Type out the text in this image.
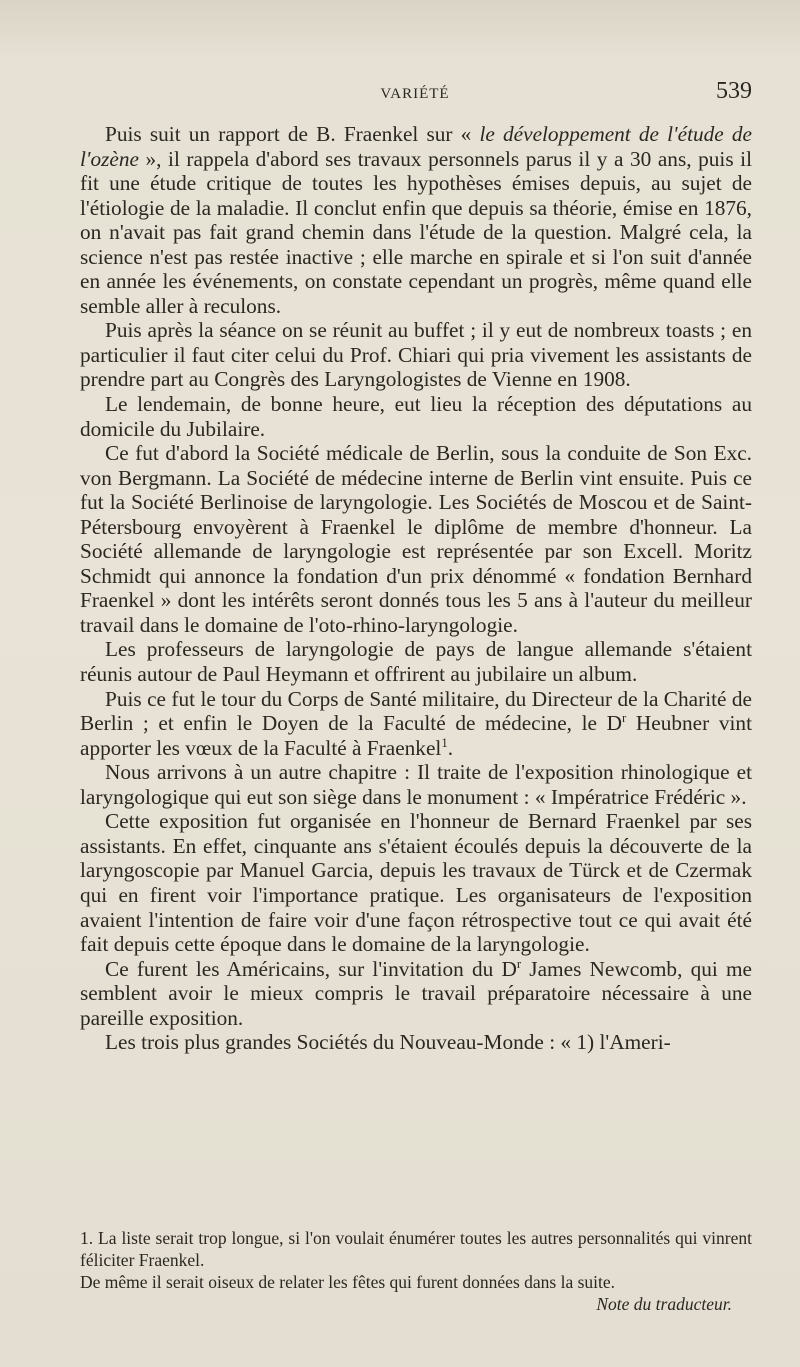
VARIÉTÉ	539

Puis suit un rapport de B. Fraenkel sur « le développement de l'étude de l'ozène », il rappela d'abord ses travaux personnels parus il y a 30 ans, puis il fit une étude critique de toutes les hypothèses émises depuis, au sujet de l'étiologie de la maladie. Il conclut enfin que depuis sa théorie, émise en 1876, on n'avait pas fait grand chemin dans l'étude de la question. Malgré cela, la science n'est pas restée inactive ; elle marche en spirale et si l'on suit d'année en année les événements, on constate cependant un progrès, même quand elle semble aller à reculons.

Puis après la séance on se réunit au buffet ; il y eut de nombreux toasts ; en particulier il faut citer celui du Prof. Chiari qui pria vivement les assistants de prendre part au Congrès des Laryngologistes de Vienne en 1908.

Le lendemain, de bonne heure, eut lieu la réception des députations au domicile du Jubilaire.

Ce fut d'abord la Société médicale de Berlin, sous la conduite de Son Exc. von Bergmann. La Société de médecine interne de Berlin vint ensuite. Puis ce fut la Société Berlinoise de laryngologie. Les Sociétés de Moscou et de Saint-Pétersbourg envoyèrent à Fraenkel le diplôme de membre d'honneur. La Société allemande de laryngologie est représentée par son Excell. Moritz Schmidt qui annonce la fondation d'un prix dénommé « fondation Bernhard Fraenkel » dont les intérêts seront donnés tous les 5 ans à l'auteur du meilleur travail dans le domaine de l'oto-rhino-laryngologie.

Les professeurs de laryngologie de pays de langue allemande s'étaient réunis autour de Paul Heymann et offrirent au jubilaire un album.

Puis ce fut le tour du Corps de Santé militaire, du Directeur de la Charité de Berlin ; et enfin le Doyen de la Faculté de médecine, le $D^r$ Heubner vint apporter les vœux de la Faculté à Fraenkel$^1$.

Nous arrivons à un autre chapitre : Il traite de l'exposition rhinologique et laryngologique qui eut son siège dans le monument : « Impératrice Frédéric ».

Cette exposition fut organisée en l'honneur de Bernard Fraenkel par ses assistants. En effet, cinquante ans s'étaient écoulés depuis la découverte de la laryngoscopie par Manuel Garcia, depuis les travaux de Türck et de Czermak qui en firent voir l'importance pratique. Les organisateurs de l'exposition avaient l'intention de faire voir d'une façon rétrospective tout ce qui avait été fait depuis cette époque dans le domaine de la laryngologie.

Ce furent les Américains, sur l'invitation du $D^r$ James Newcomb, qui me semblent avoir le mieux compris le travail préparatoire nécessaire à une pareille exposition.

Les trois plus grandes Sociétés du Nouveau-Monde : « 1) l'Ameri-

1. La liste serait trop longue, si l'on voulait énumérer toutes les autres personnalités qui vinrent féliciter Fraenkel.

De même il serait oiseux de relater les fêtes qui furent données dans la suite.
Note du traducteur.
